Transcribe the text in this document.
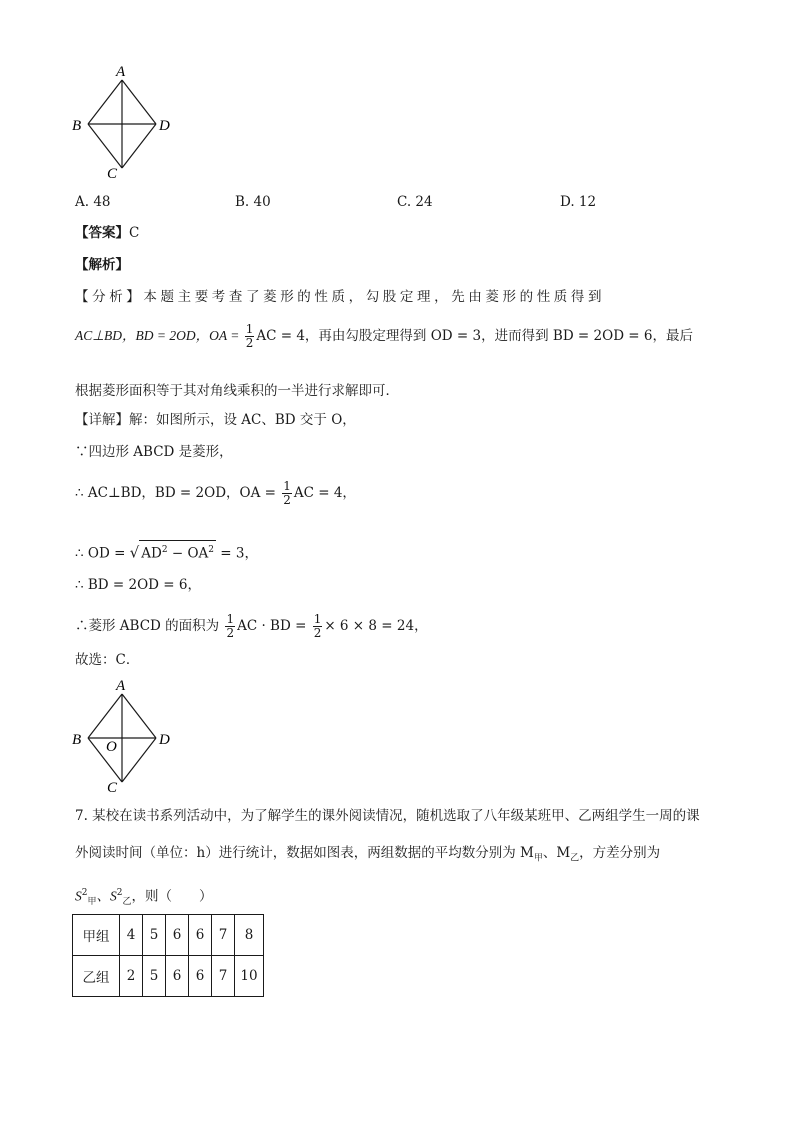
A
B	D
C
A. 48	B. 40	C. 24	D. 12
【答案】C
【解析】
【分析】本题主要考查了菱形的性质，勾股定理，先由菱形的性质得到
AC⊥BD，BD = 2OD，OA = $\frac{1}{2}$ AC = 4，再由勾股定理得到 OD = 3，进而得到 BD = 2OD = 6，最后
根据菱形面积等于其对角线乘积的一半进行求解即可．
【详解】解：如图所示，设 AC、BD 交于 O，
∵四边形 ABCD 是菱形，
∴ AC⊥BD，BD = 2OD，OA = $\frac{1}{2}$ AC = 4，
∴ OD = √ $AD^2 - OA^2 = 3$，
∴ BD = 2OD = 6，
∴菱形 ABCD 的面积为 $\frac{1}{2}$ AC · BD = $\frac{1}{2} \times 6 \times 8 = 24$，
故选：C．
A
B	D
C
O
7. 某校在读书系列活动中，为了解学生的课外阅读情况，随机选取了八年级某班甲、乙两组学生一周的课
外阅读时间（单位：h）进行统计，数据如图表，两组数据的平均数分别为 $M_甲$、$M_乙$，方差分别为
$S^2_甲$、$S^2_乙$，则（　　）
甲组	4	5	6	6	7	8
乙组	2	5	6	6	7	10
